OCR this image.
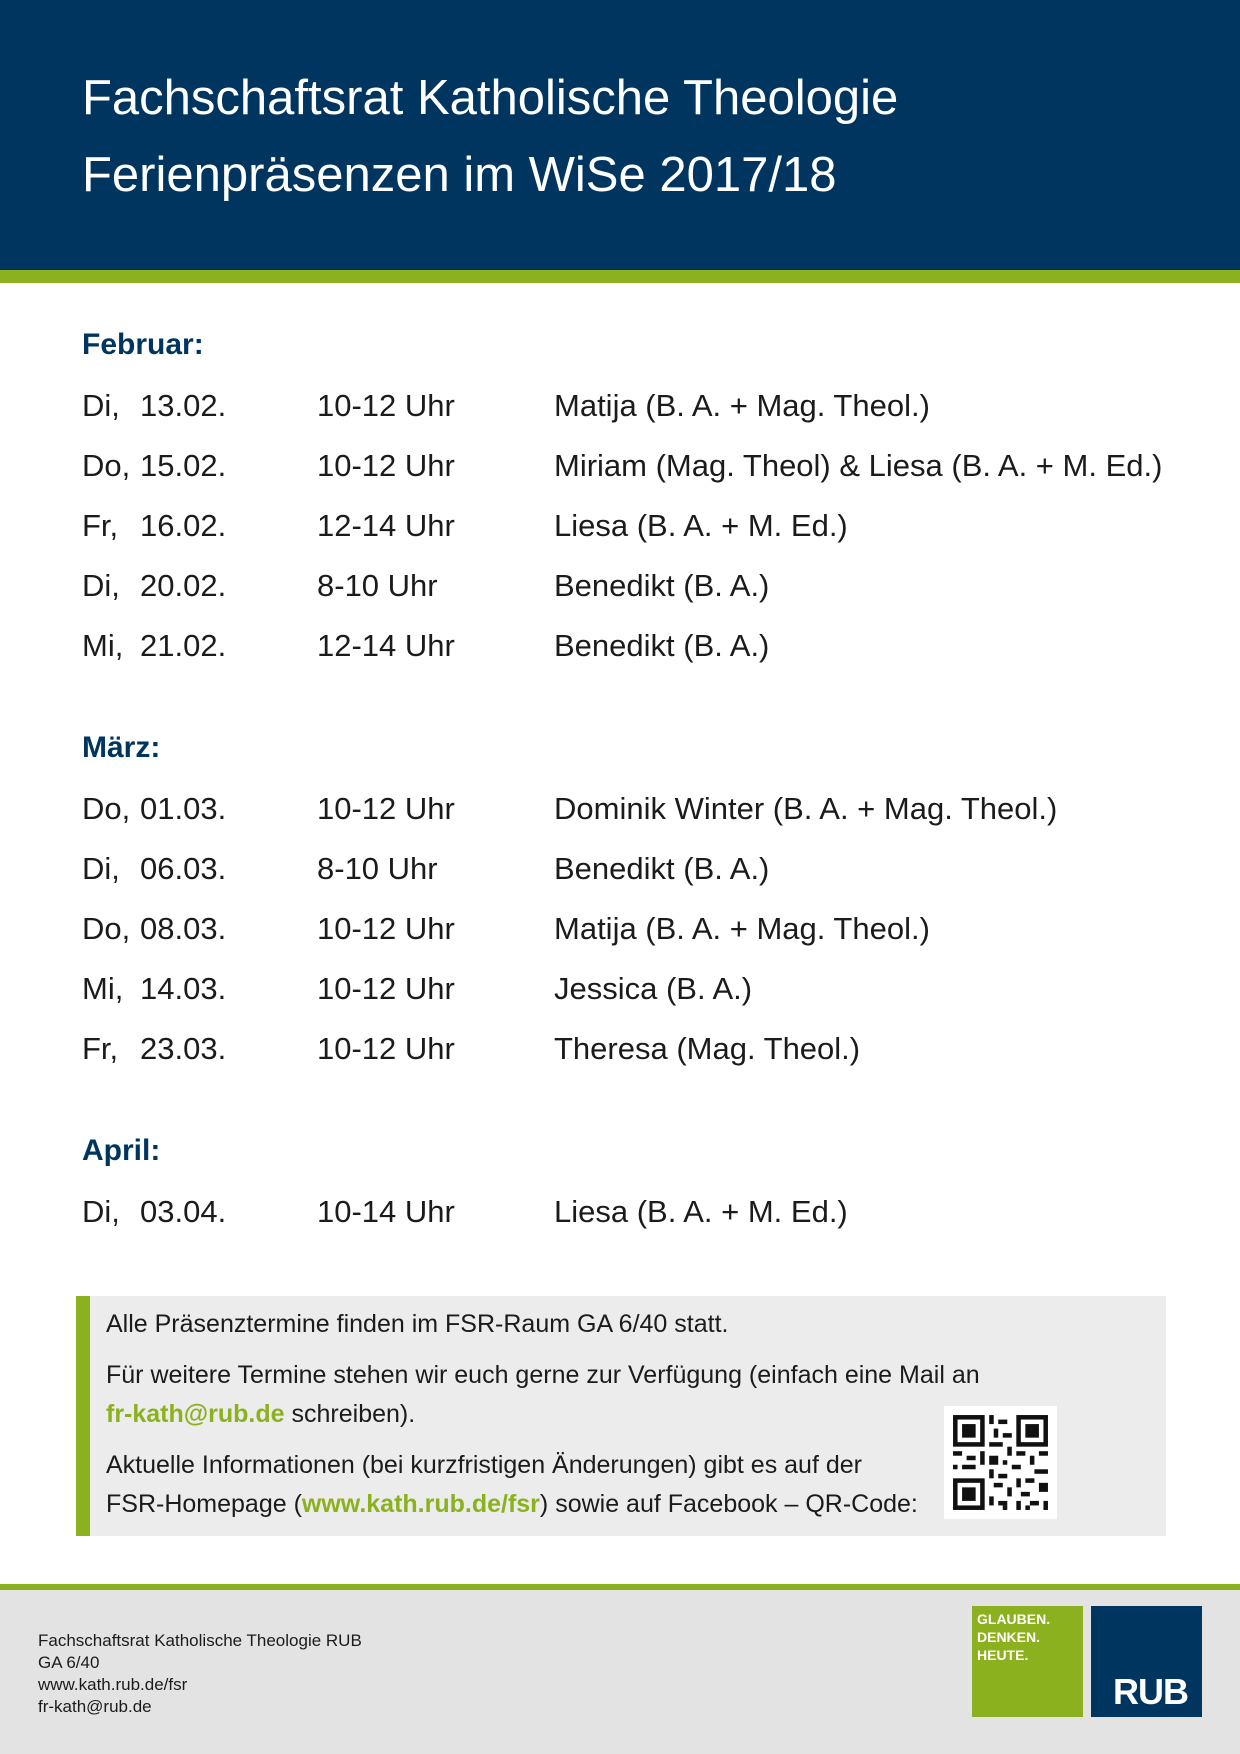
Fachschaftsrat Katholische Theologie
Ferienpräsenzen im WiSe 2017/18
Februar:
Di, 13.02.	10-12 Uhr	Matija (B. A. + Mag. Theol.)
Do, 15.02.	10-12 Uhr	Miriam (Mag. Theol) & Liesa (B. A. + M. Ed.)
Fr, 16.02.	12-14 Uhr	Liesa (B. A. + M. Ed.)
Di, 20.02.	8-10 Uhr	Benedikt (B. A.)
Mi, 21.02.	12-14 Uhr	Benedikt (B. A.)
März:
Do, 01.03.	10-12 Uhr	Dominik Winter (B. A. + Mag. Theol.)
Di, 06.03.	8-10 Uhr	Benedikt (B. A.)
Do, 08.03.	10-12 Uhr	Matija (B. A. + Mag. Theol.)
Mi, 14.03.	10-12 Uhr	Jessica (B. A.)
Fr, 23.03.	10-12 Uhr	Theresa (Mag. Theol.)
April:
Di, 03.04.	10-14 Uhr	Liesa (B. A. + M. Ed.)
Alle Präsenztermine finden im FSR-Raum GA 6/40 statt.
Für weitere Termine stehen wir euch gerne zur Verfügung (einfach eine Mail an
fr-kath@rub.de schreiben).
Aktuelle Informationen (bei kurzfristigen Änderungen) gibt es auf der
FSR-Homepage (www.kath.rub.de/fsr) sowie auf Facebook – QR-Code:
Fachschaftsrat Katholische Theologie RUB
GA 6/40
www.kath.rub.de/fsr
fr-kath@rub.de
GLAUBEN.
DENKEN.
HEUTE.
RUB
